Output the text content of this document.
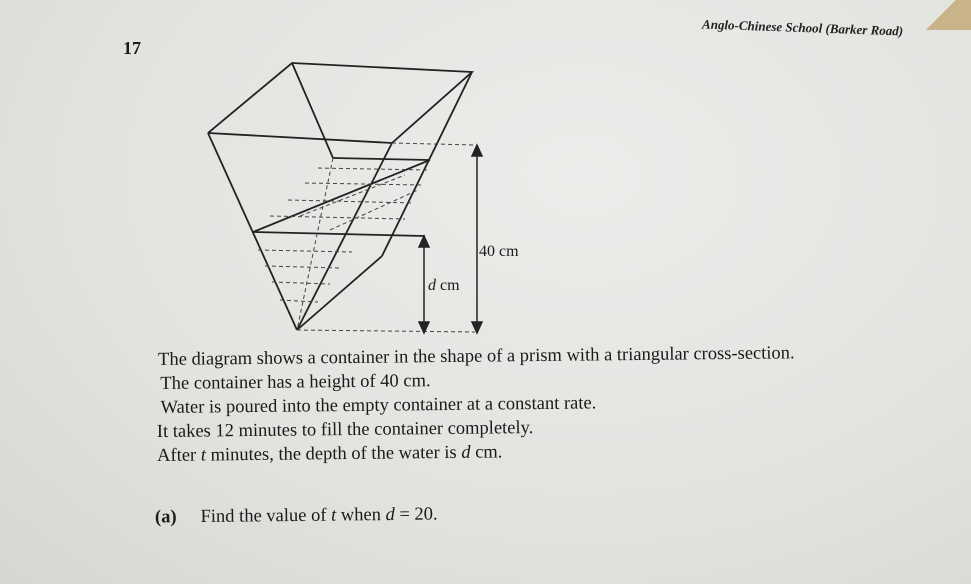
Anglo-Chinese School (Barker Road)
17
40 cm
d cm

The diagram shows a container in the shape of a prism with a triangular cross-section.

The container has a height of 40 cm.

Water is poured into the empty container at a constant rate.

It takes 12 minutes to fill the container completely.

After t minutes, the depth of the water is d cm.

(a) Find the value of t when d = 20.
